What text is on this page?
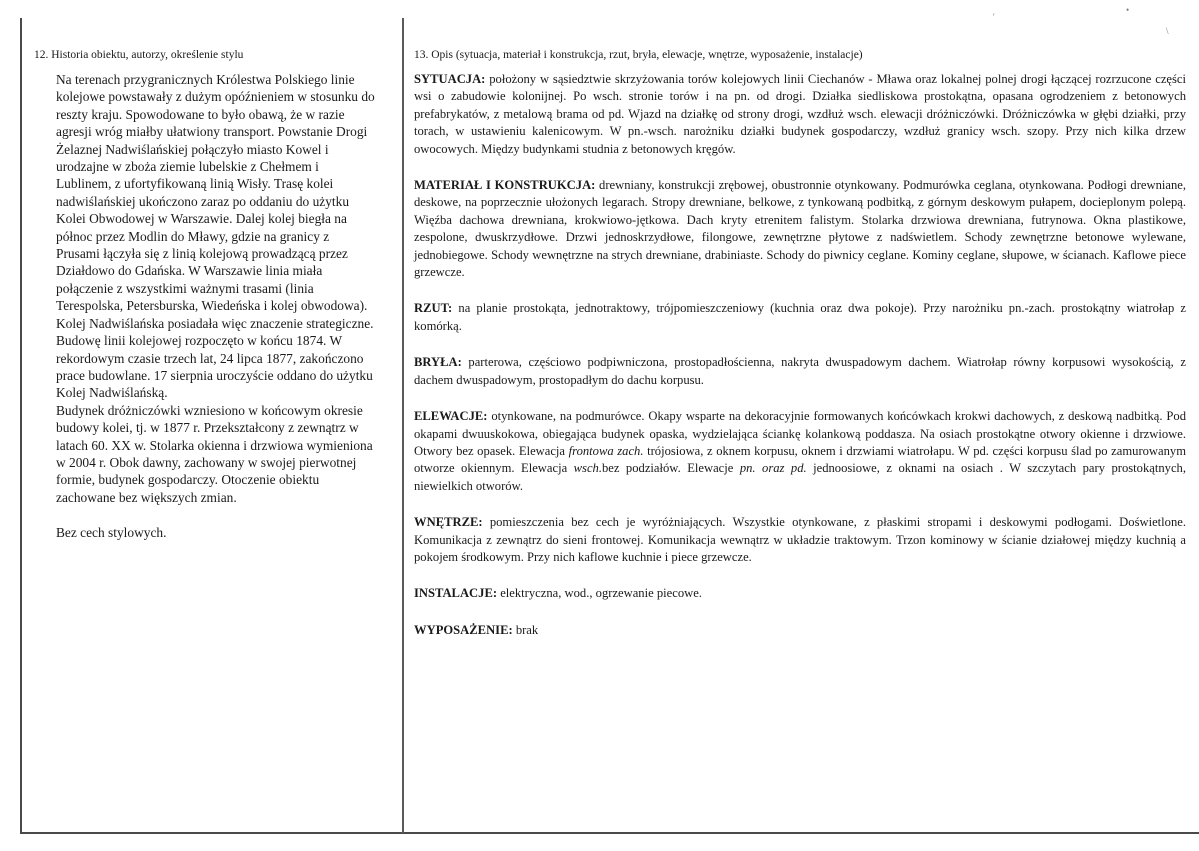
12. Historia obiektu, autorzy, określenie stylu

Na terenach przygranicznych Królestwa Polskiego linie kolejowe powstawały z dużym opóźnieniem w stosunku do reszty kraju. Spowodowane to było obawą, że w razie agresji wróg miałby ułatwiony transport. Powstanie Drogi Żelaznej Nadwiślańskiej połączyło miasto Kowel i urodzajne w zboża ziemie lubelskie z Chełmem i Lublinem, z ufortyfikowaną linią Wisły. Trasę kolei nadwiślańskiej ukończono zaraz po oddaniu do użytku Kolei Obwodowej w Warszawie. Dalej kolej biegła na północ przez Modlin do Mławy, gdzie na granicy z Prusami łączyła się z linią kolejową prowadzącą przez Działdowo do Gdańska. W Warszawie linia miała połączenie z wszystkimi ważnymi trasami (linia Terespolska, Petersburska, Wiedeńska i kolej obwodowa). Kolej Nadwiślańska posiadała więc znaczenie strategiczne.

Budowę linii kolejowej rozpoczęto w końcu 1874. W rekordowym czasie trzech lat, 24 lipca 1877, zakończono prace budowlane. 17 sierpnia uroczyście oddano do użytku Kolej Nadwiślańską.

Budynek dróżniczówki wzniesiono w końcowym okresie budowy kolei, tj. w 1877 r. Przekształcony z zewnątrz w latach 60. XX w. Stolarka okienna i drzwiowa wymieniona w 2004 r. Obok dawny, zachowany w swojej pierwotnej formie, budynek gospodarczy. Otoczenie obiektu zachowane bez większych zmian.

Bez cech stylowych.

13. Opis (sytuacja, materiał i konstrukcja, rzut, bryła, elewacje, wnętrze, wyposażenie, instalacje)

SYTUACJA: położony w sąsiedztwie skrzyżowania torów kolejowych linii Ciechanów - Mława oraz lokalnej polnej drogi łączącej rozrzucone części wsi o zabudowie kolonijnej. Po wsch. stronie torów i na pn. od drogi. Działka siedliskowa prostokątna, opasana ogrodzeniem z betonowych prefabrykatów, z metalową brama od pd. Wjazd na działkę od strony drogi, wzdłuż wsch. elewacji dróżniczówki. Dróżniczówka w głębi działki, przy torach, w ustawieniu kalenicowym. W pn.-wsch. narożniku działki budynek gospodarczy, wzdłuż granicy wsch. szopy. Przy nich kilka drzew owocowych. Między budynkami studnia z betonowych kręgów.

MATERIAŁ I KONSTRUKCJA: drewniany, konstrukcji zrębowej, obustronnie otynkowany. Podmurówka ceglana, otynkowana. Podłogi drewniane, deskowe, na poprzecznie ułożonych legarach. Stropy drewniane, belkowe, z tynkowaną podbitką, z górnym deskowym pułapem, docieplonym polepą. Więźba dachowa drewniana, krokwiowo-jętkowa. Dach kryty etrenitem falistym. Stolarka drzwiowa drewniana, futrynowa. Okna plastikowe, zespolone, dwuskrzydłowe. Drzwi jednoskrzydłowe, filongowe, zewnętrzne płytowe z nadświetlem. Schody zewnętrzne betonowe wylewane, jednobiegowe. Schody wewnętrzne na strych drewniane, drabiniaste. Schody do piwnicy ceglane. Kominy ceglane, słupowe, w ścianach. Kaflowe piece grzewcze.

RZUT: na planie prostokąta, jednotraktowy, trójpomieszczeniowy (kuchnia oraz dwa pokoje). Przy narożniku pn.-zach. prostokątny wiatrołap z komórką.

BRYŁA: parterowa, częściowo podpiwniczona, prostopadłościenna, nakryta dwuspadowym dachem. Wiatrołap równy korpusowi wysokością, z dachem dwuspadowym, prostopadłym do dachu korpusu.

ELEWACJE: otynkowane, na podmurówce. Okapy wsparte na dekoracyjnie formowanych końcówkach krokwi dachowych, z deskową nadbitką. Pod okapami dwuuskokowa, obiegająca budynek opaska, wydzielająca ściankę kolankową poddasza. Na osiach prostokątne otwory okienne i drzwiowe. Otwory bez opasek. Elewacja frontowa zach. trójosiowa, z oknem korpusu, oknem i drzwiami wiatrołapu. W pd. części korpusu ślad po zamurowanym otworze okiennym. Elewacja wsch.bez podziałów. Elewacje pn. oraz pd. jednoosiowe, z oknami na osiach . W szczytach pary prostokątnych, niewielkich otworów.

WNĘTRZE: pomieszczenia bez cech je wyróżniających. Wszystkie otynkowane, z płaskimi stropami i deskowymi podłogami. Doświetlone. Komunikacja z zewnątrz do sieni frontowej. Komunikacja wewnątrz w układzie traktowym. Trzon kominowy w ścianie działowej między kuchnią a pokojem środkowym. Przy nich kaflowe kuchnie i piece grzewcze.

INSTALACJE: elektryczna, wod., ogrzewanie piecowe.

WYPOSAŻENIE: brak

'
•
\
